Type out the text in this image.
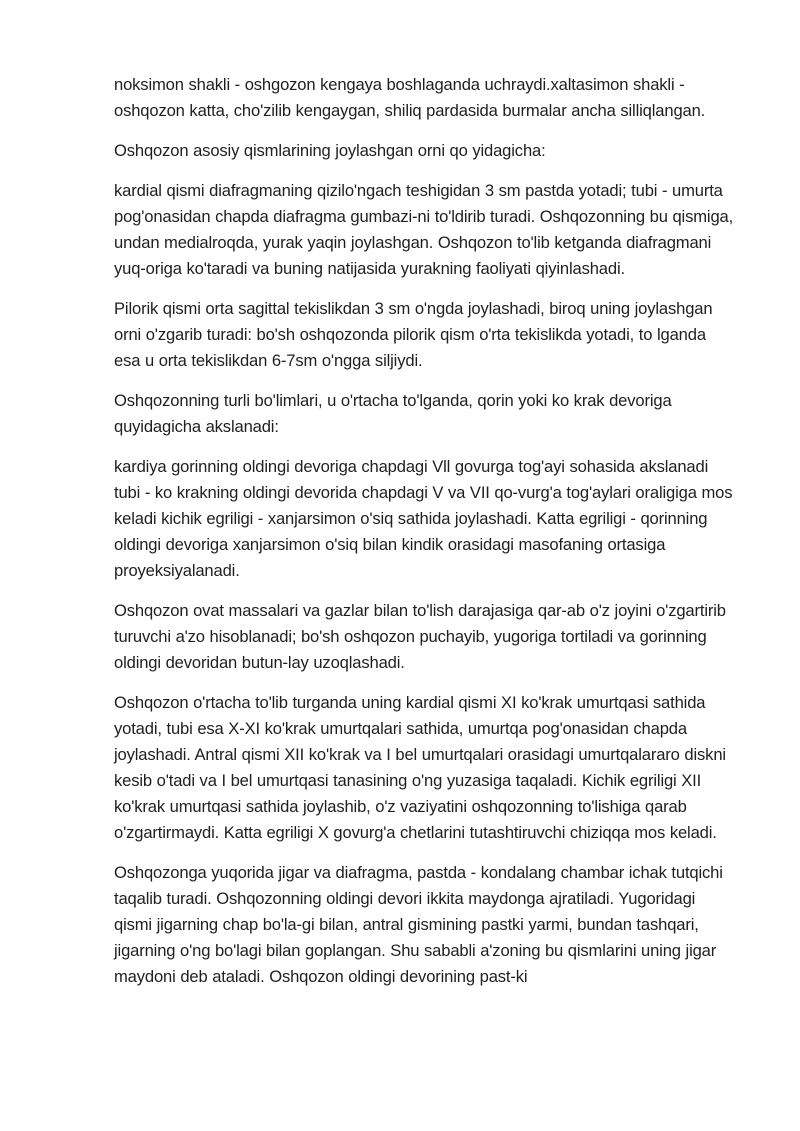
noksimon shakli - oshgozon kengaya boshlaganda uchraydi.xaltasimon shakli - oshqozon katta, cho'zilib kengaygan, shiliq pardasida burmalar ancha silliqlangan.

Oshqozon asosiy qismlarining joylashgan orni qo yidagicha:

kardial qismi diafragmaning qizilo'ngach teshigidan 3 sm pastda yotadi; tubi - umurta pog'onasidan chapda diafragma gumbazi-ni to'ldirib turadi. Oshqozonning bu qismiga, undan medialroqda, yurak yaqin joylashgan. Oshqozon to'lib ketganda diafragmani yuq-origa ko'taradi va buning natijasida yurakning faoliyati qiyinlashadi.

Pilorik qismi orta sagittal tekislikdan 3 sm o'ngda joylashadi, biroq uning joylashgan orni o'zgarib turadi: bo'sh oshqozonda pilorik qism o'rta tekislikda yotadi, to lganda esa u orta tekislikdan 6-7sm o'ngga siljiydi.

Oshqozonning turli bo'limlari, u o'rtacha to'lganda, qorin yoki ko krak devoriga quyidagicha akslanadi:

kardiya gorinning oldingi devoriga chapdagi Vll govurga tog'ayi sohasida akslanadi tubi - ko krakning oldingi devorida chapdagi V va VII qo-vurg'a tog'aylari oraligiga mos keladi kichik egriligi - xanjarsimon o'siq sathida joylashadi. Katta egriligi - qorinning oldingi devoriga xanjarsimon o'siq bilan kindik orasidagi masofaning ortasiga proyeksiyalanadi.

Oshqozon ovat massalari va gazlar bilan to'lish darajasiga qar-ab o'z joyini o'zgartirib turuvchi a'zo hisoblanadi; bo'sh oshqozon puchayib, yugoriga tortiladi va gorinning oldingi devoridan butun-lay uzoqlashadi.

Oshqozon o'rtacha to'lib turganda uning kardial qismi XI ko'krak umurtqasi sathida yotadi, tubi esa X-XI ko'krak umurtqalari sathida, umurtqa pog'onasidan chapda joylashadi. Antral qismi XII ko'krak va I bel umurtqalari orasidagi umurtqalararo diskni kesib o'tadi va I bel umurtqasi tanasining o'ng yuzasiga taqaladi. Kichik egriligi XII ko'krak umurtqasi sathida joylashib, o'z vaziyatini oshqozonning to'lishiga qarab o'zgartirmaydi. Katta egriligi X govurg'a chetlarini tutashtiruvchi chiziqqa mos keladi.

Oshqozonga yuqorida jigar va diafragma, pastda - kondalang chambar ichak tutqichi taqalib turadi. Oshqozonning oldingi devori ikkita maydonga ajratiladi. Yugoridagi qismi jigarning chap bo'la-gi bilan, antral gismining pastki yarmi, bundan tashqari, jigarning o'ng bo'lagi bilan goplangan. Shu sababli a'zoning bu qismlarini uning jigar maydoni deb ataladi. Oshqozon oldingi devorining past-ki
